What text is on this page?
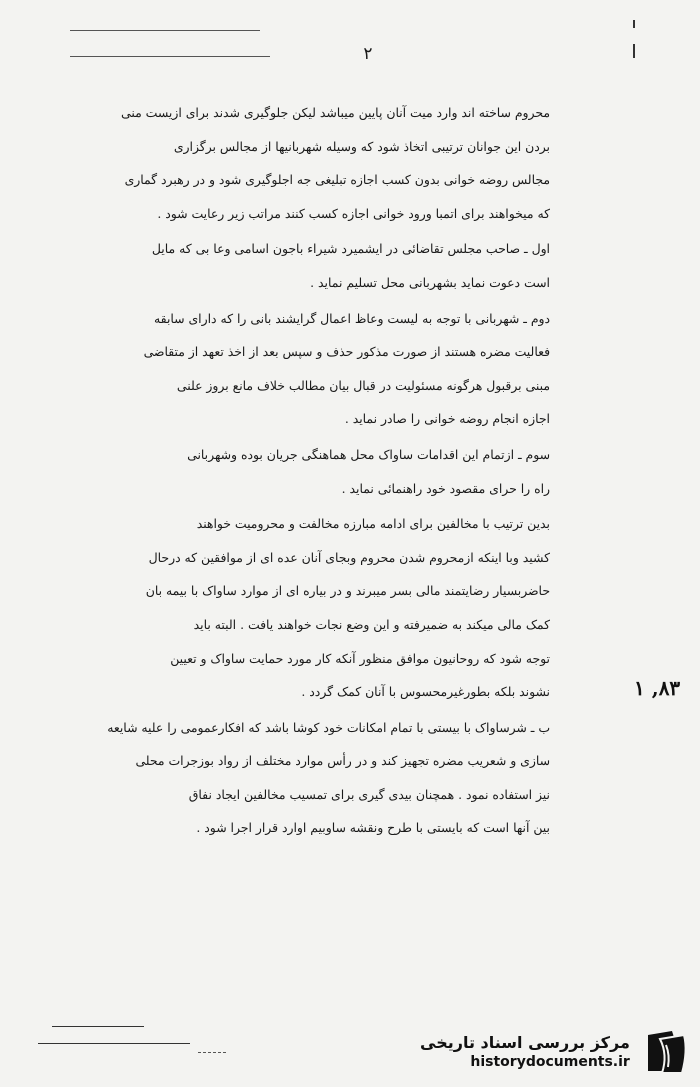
٢
محروم ساخته اند وارد میت آنان پایین میباشد لیکن جلوگیری شدند برای ازیست منی
بردن این جوانان ترتیبی اتخاذ شود که وسیله شهربانیها از مجالس برگزاری
مجالس روضه خوانی بدون کسب اجازه تبلیغی جه اجلوگیری شود و در رهبرد گماری
که میخواهند برای اتمبا ورود خوانی اجازه کسب کنند مراتب زیر رعایت شود .
اول ـ صاحب مجلس تقاضائی در ایشمیرد شیراء باجون اسامی وعا بی که مایل
است دعوت نماید بشهربانی محل تسلیم نماید .
دوم ـ شهربانی با توجه به لیست وعاظ اعمال گرایشند بانی را که دارای سابقه
فعالیت مضره هستند از صورت مذکور حذف و سپس بعد از اخذ تعهد از متقاضی
مبنی برقبول هرگونه مسئولیت در قبال بیان مطالب خلاف مانع بروز علنی
اجازه انجام روضه خوانی را صادر نماید .
سوم ـ ازتمام این اقدامات ساواک محل هماهنگی جریان بوده وشهربانی
راه را حرای مقصود خود راهنمائی نماید .
بدین ترتیب با مخالفین برای ادامه مبارزه مخالفت و محرومیت خواهند
کشید وبا اینکه ازمحروم شدن محروم وبجای آنان عده ای از موافقین که درحال
حاضربسیار رضایتمند مالی بسر میبرند و در بیاره ای از موارد ساواک با بیمه بان
کمک مالی میکند به ضمیرفته و این وضع نجات خواهند یافت . البته باید
توجه شود که روحانیون موافق منظور آنکه کار مورد حمایت ساواک و تعیین
نشوند بلکه بطورغیرمحسوس با آنان کمک گردد .
ب ـ شرساواک با بیستی با تمام امکانات خود کوشا باشد که افکارعمومی را علیه شایعه
سازی و شعریب مضره تجهیز کند و در رأس موارد مختلف از رواد بوزجرات محلی
نیز استفاده نمود . همچنان بیدی گیری برای تمسیب مخالفین ایجاد نفاق
بین آنها است که بایستی با طرح ونقشه ساوبیم اوارد قرار اجرا شود .
٨٣, ١
مرکز بررسی اسناد تاریخی
historydocuments.ir
